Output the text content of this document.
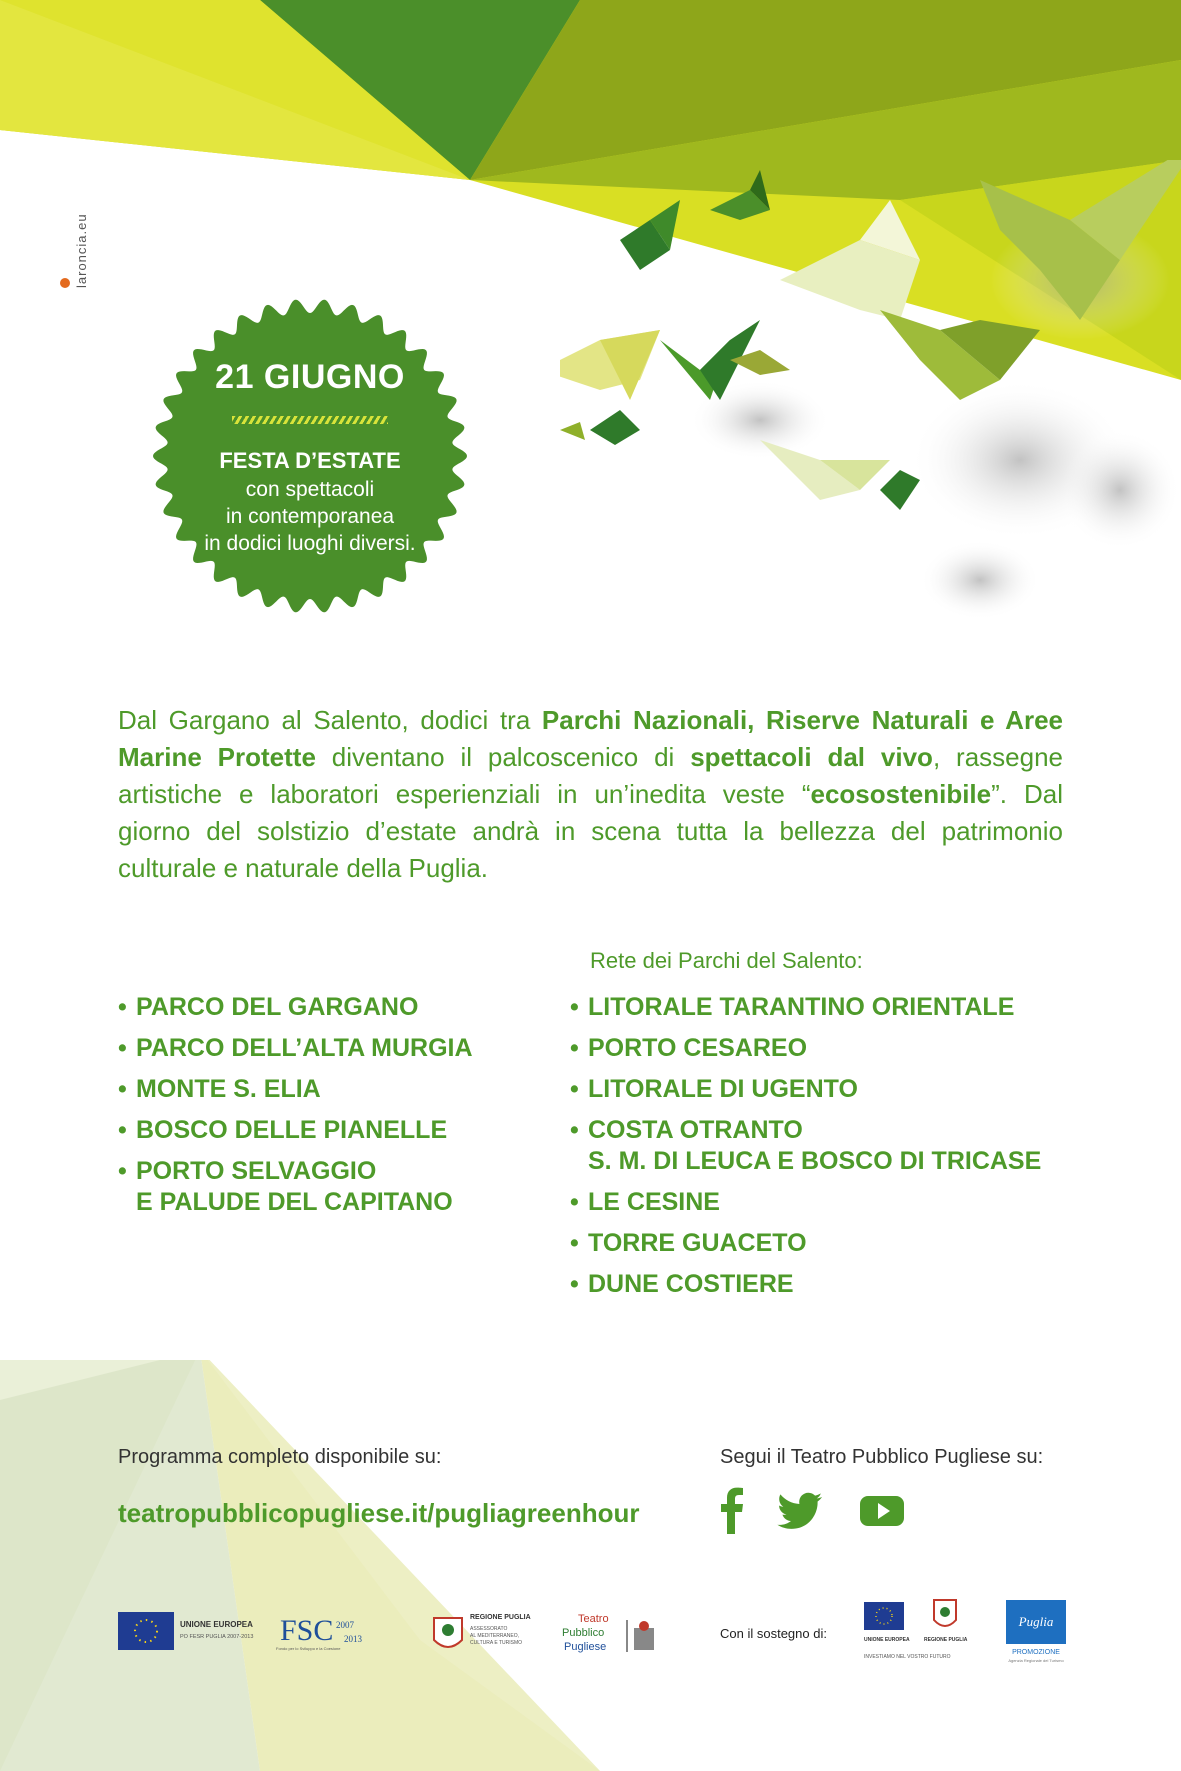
laroncia.eu
21 GIUGNO
FESTA D’ESTATE
con spettacoli
in contemporanea
in dodici luoghi diversi.
Dal Gargano al Salento, dodici tra Parchi Nazionali, Riserve Naturali e Aree Marine Protette diventano il palcoscenico di spettacoli dal vivo, rassegne artistiche e laboratori esperienziali in un’inedita veste “ecosostenibile”. Dal giorno del solstizio d’estate andrà in scena tutta la bellezza del patrimonio culturale e naturale della Puglia.
• PARCO DEL GARGANO
• PARCO DELL’ALTA MURGIA
• MONTE S. ELIA
• BOSCO DELLE PIANELLE
• PORTO SELVAGGIO
E PALUDE DEL CAPITANO
Rete dei Parchi del Salento:
• LITORALE TARANTINO ORIENTALE
• PORTO CESAREO
• LITORALE DI UGENTO
• COSTA OTRANTO
S. M. DI LEUCA E BOSCO DI TRICASE
• LE CESINE
• TORRE GUACETO
• DUNE COSTIERE
Programma completo disponibile su:
teatropubblicopugliese.it/pugliagreenhour
Segui il Teatro Pubblico Pugliese su:
UNIONE EUROPEA
PO FESR PUGLIA 2007-2013 FSC 2007
2013
Fondo per lo Sviluppo e la Coesione
REGIONE PUGLIA
ASSESSORATO
AL MEDITERRANEO,
CULTURA E TURISMO
Teatro
Pubblico
Pugliese
Con il sostegno di:	UNIONE EUROPEA	REGIONE PUGLIA
INVESTIAMO NEL VOSTRO FUTURO
Puglia
PROMOZIONE
Agenzia Regionale del Turismo
